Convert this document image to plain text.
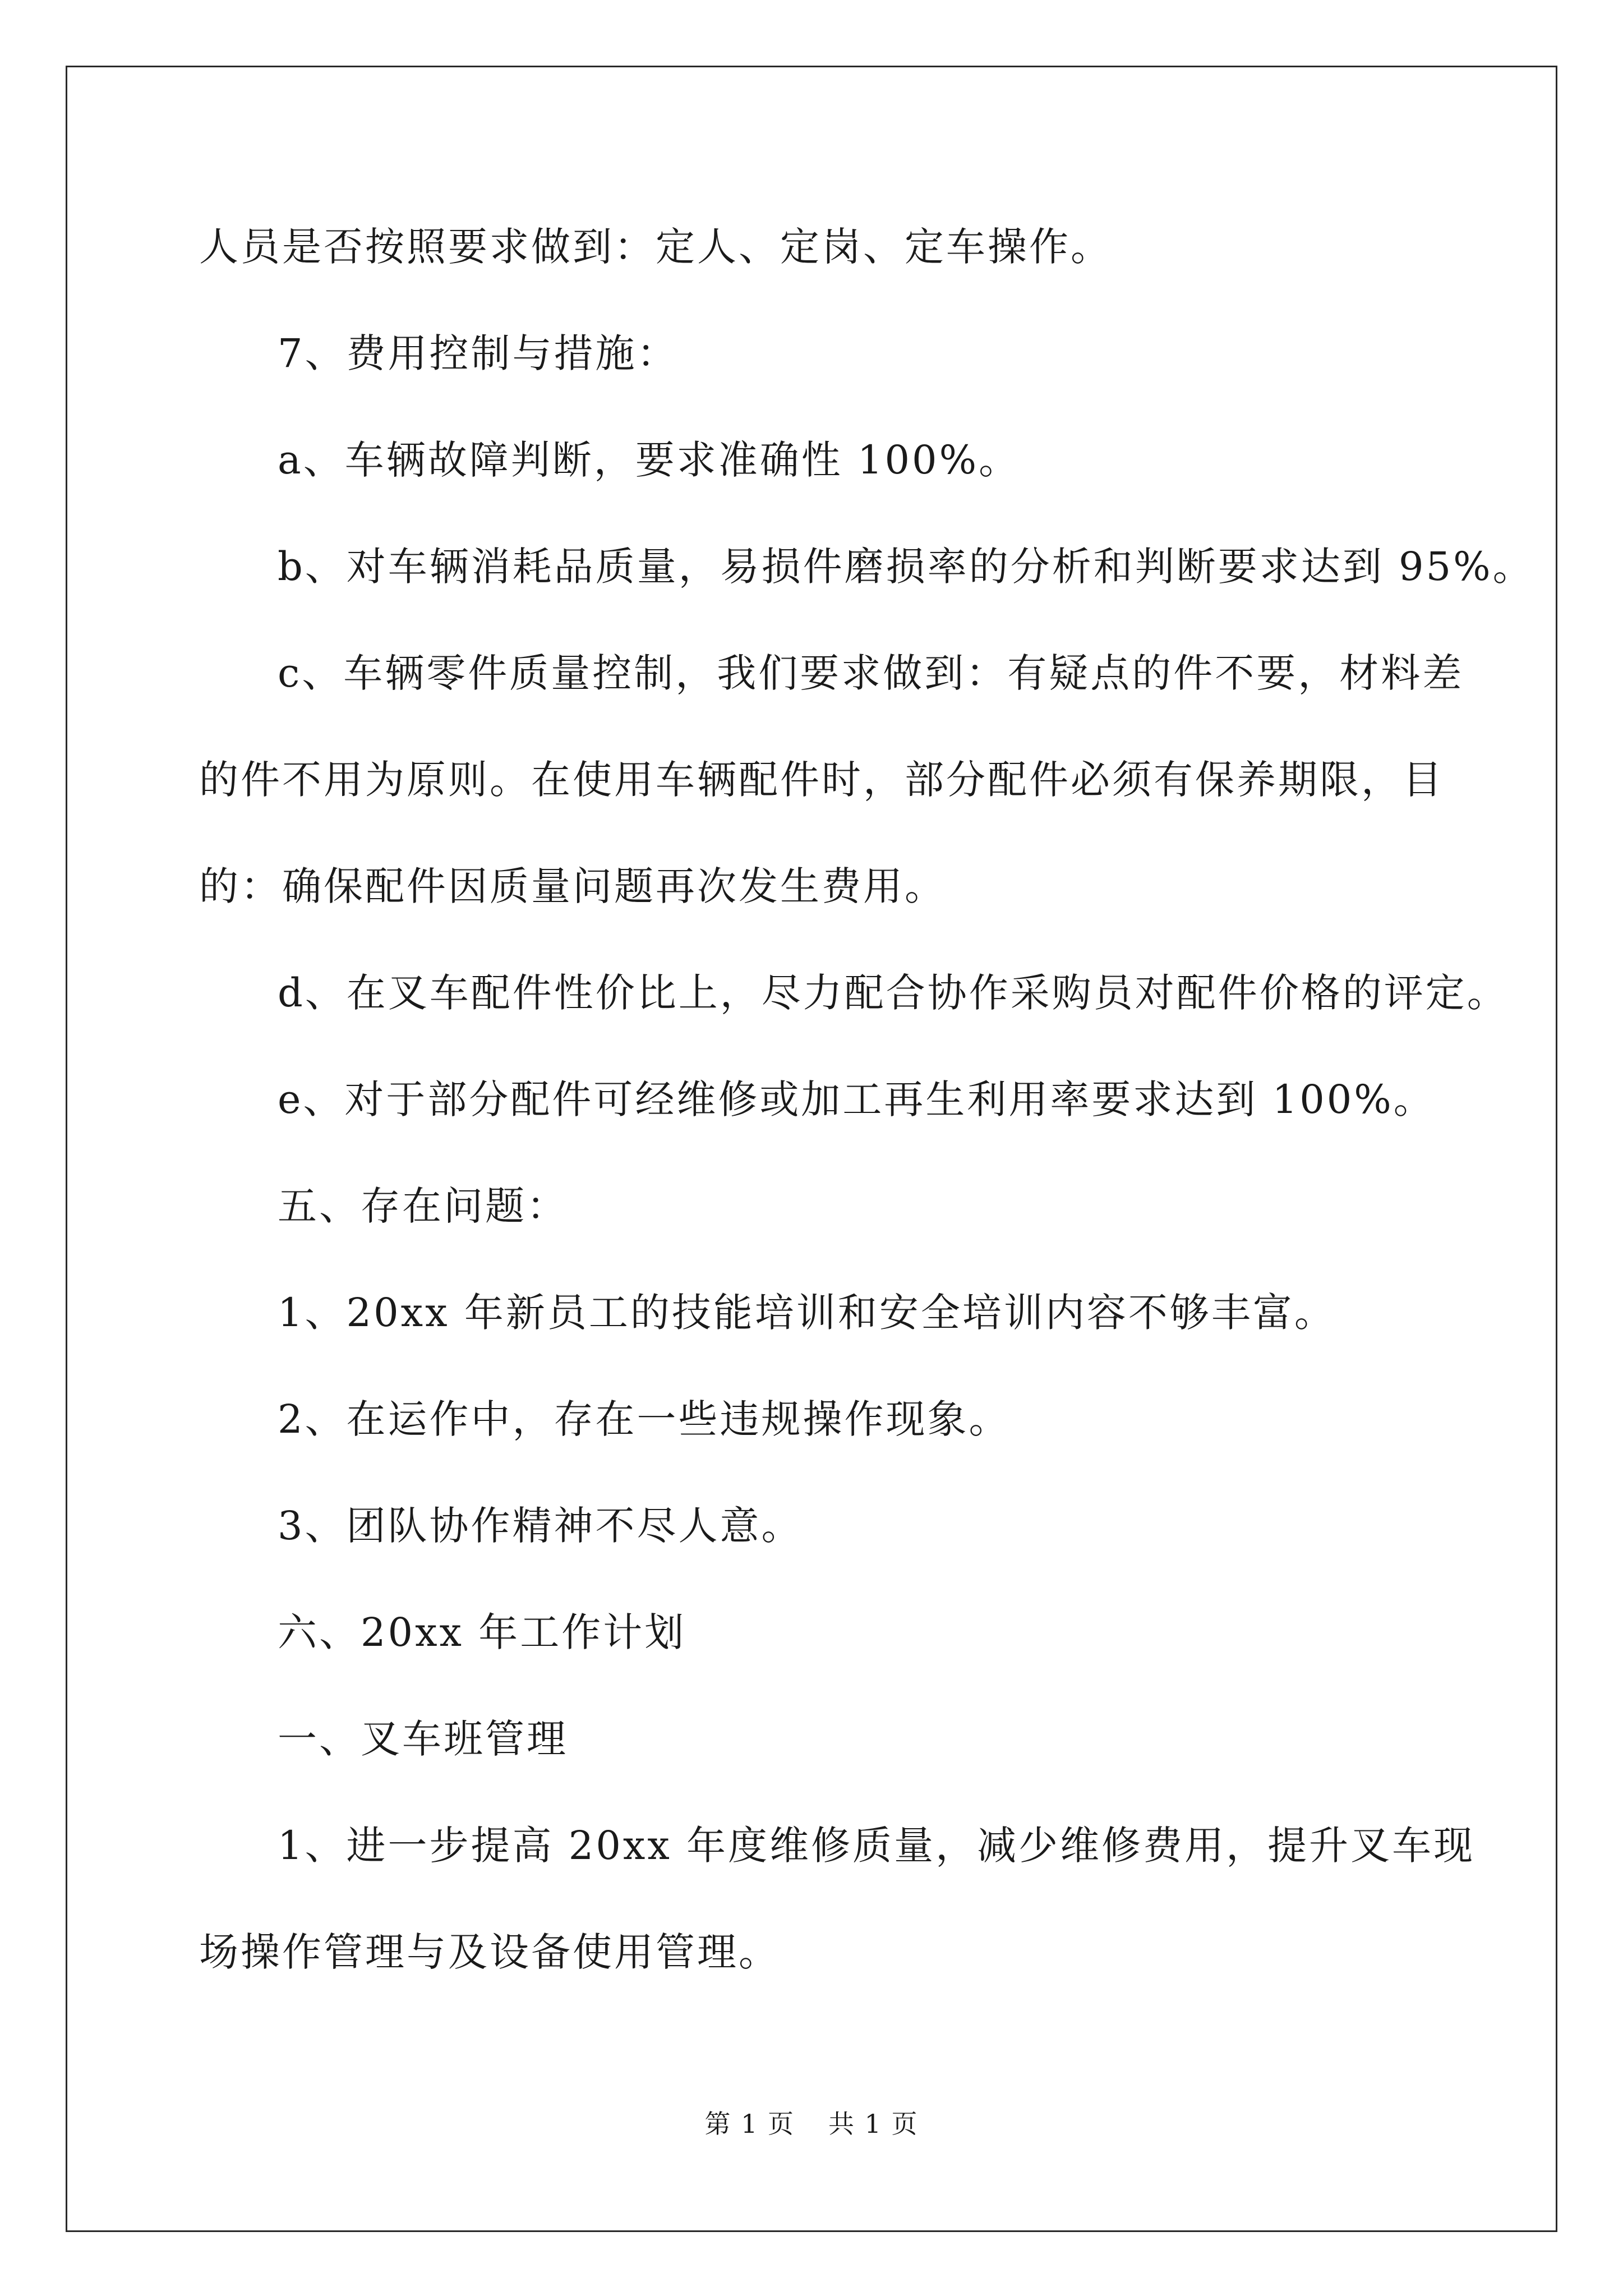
人员是否按照要求做到：定人、定岗、定车操作。
7、费用控制与措施：
a、车辆故障判断，要求准确性 100%。
b、对车辆消耗品质量，易损件磨损率的分析和判断要求达到 95%。
c、车辆零件质量控制，我们要求做到：有疑点的件不要，材料差
的件不用为原则。在使用车辆配件时，部分配件必须有保养期限，目
的：确保配件因质量问题再次发生费用。
d、在叉车配件性价比上，尽力配合协作采购员对配件价格的评定。
e、对于部分配件可经维修或加工再生利用率要求达到 100%。
五、存在问题：
1、20xx 年新员工的技能培训和安全培训内容不够丰富。
2、在运作中，存在一些违规操作现象。
3、团队协作精神不尽人意。
六、20xx 年工作计划
一、叉车班管理
1、进一步提高 20xx 年度维修质量，减少维修费用，提升叉车现
场操作管理与及设备使用管理。
第 1 页 共 1 页
